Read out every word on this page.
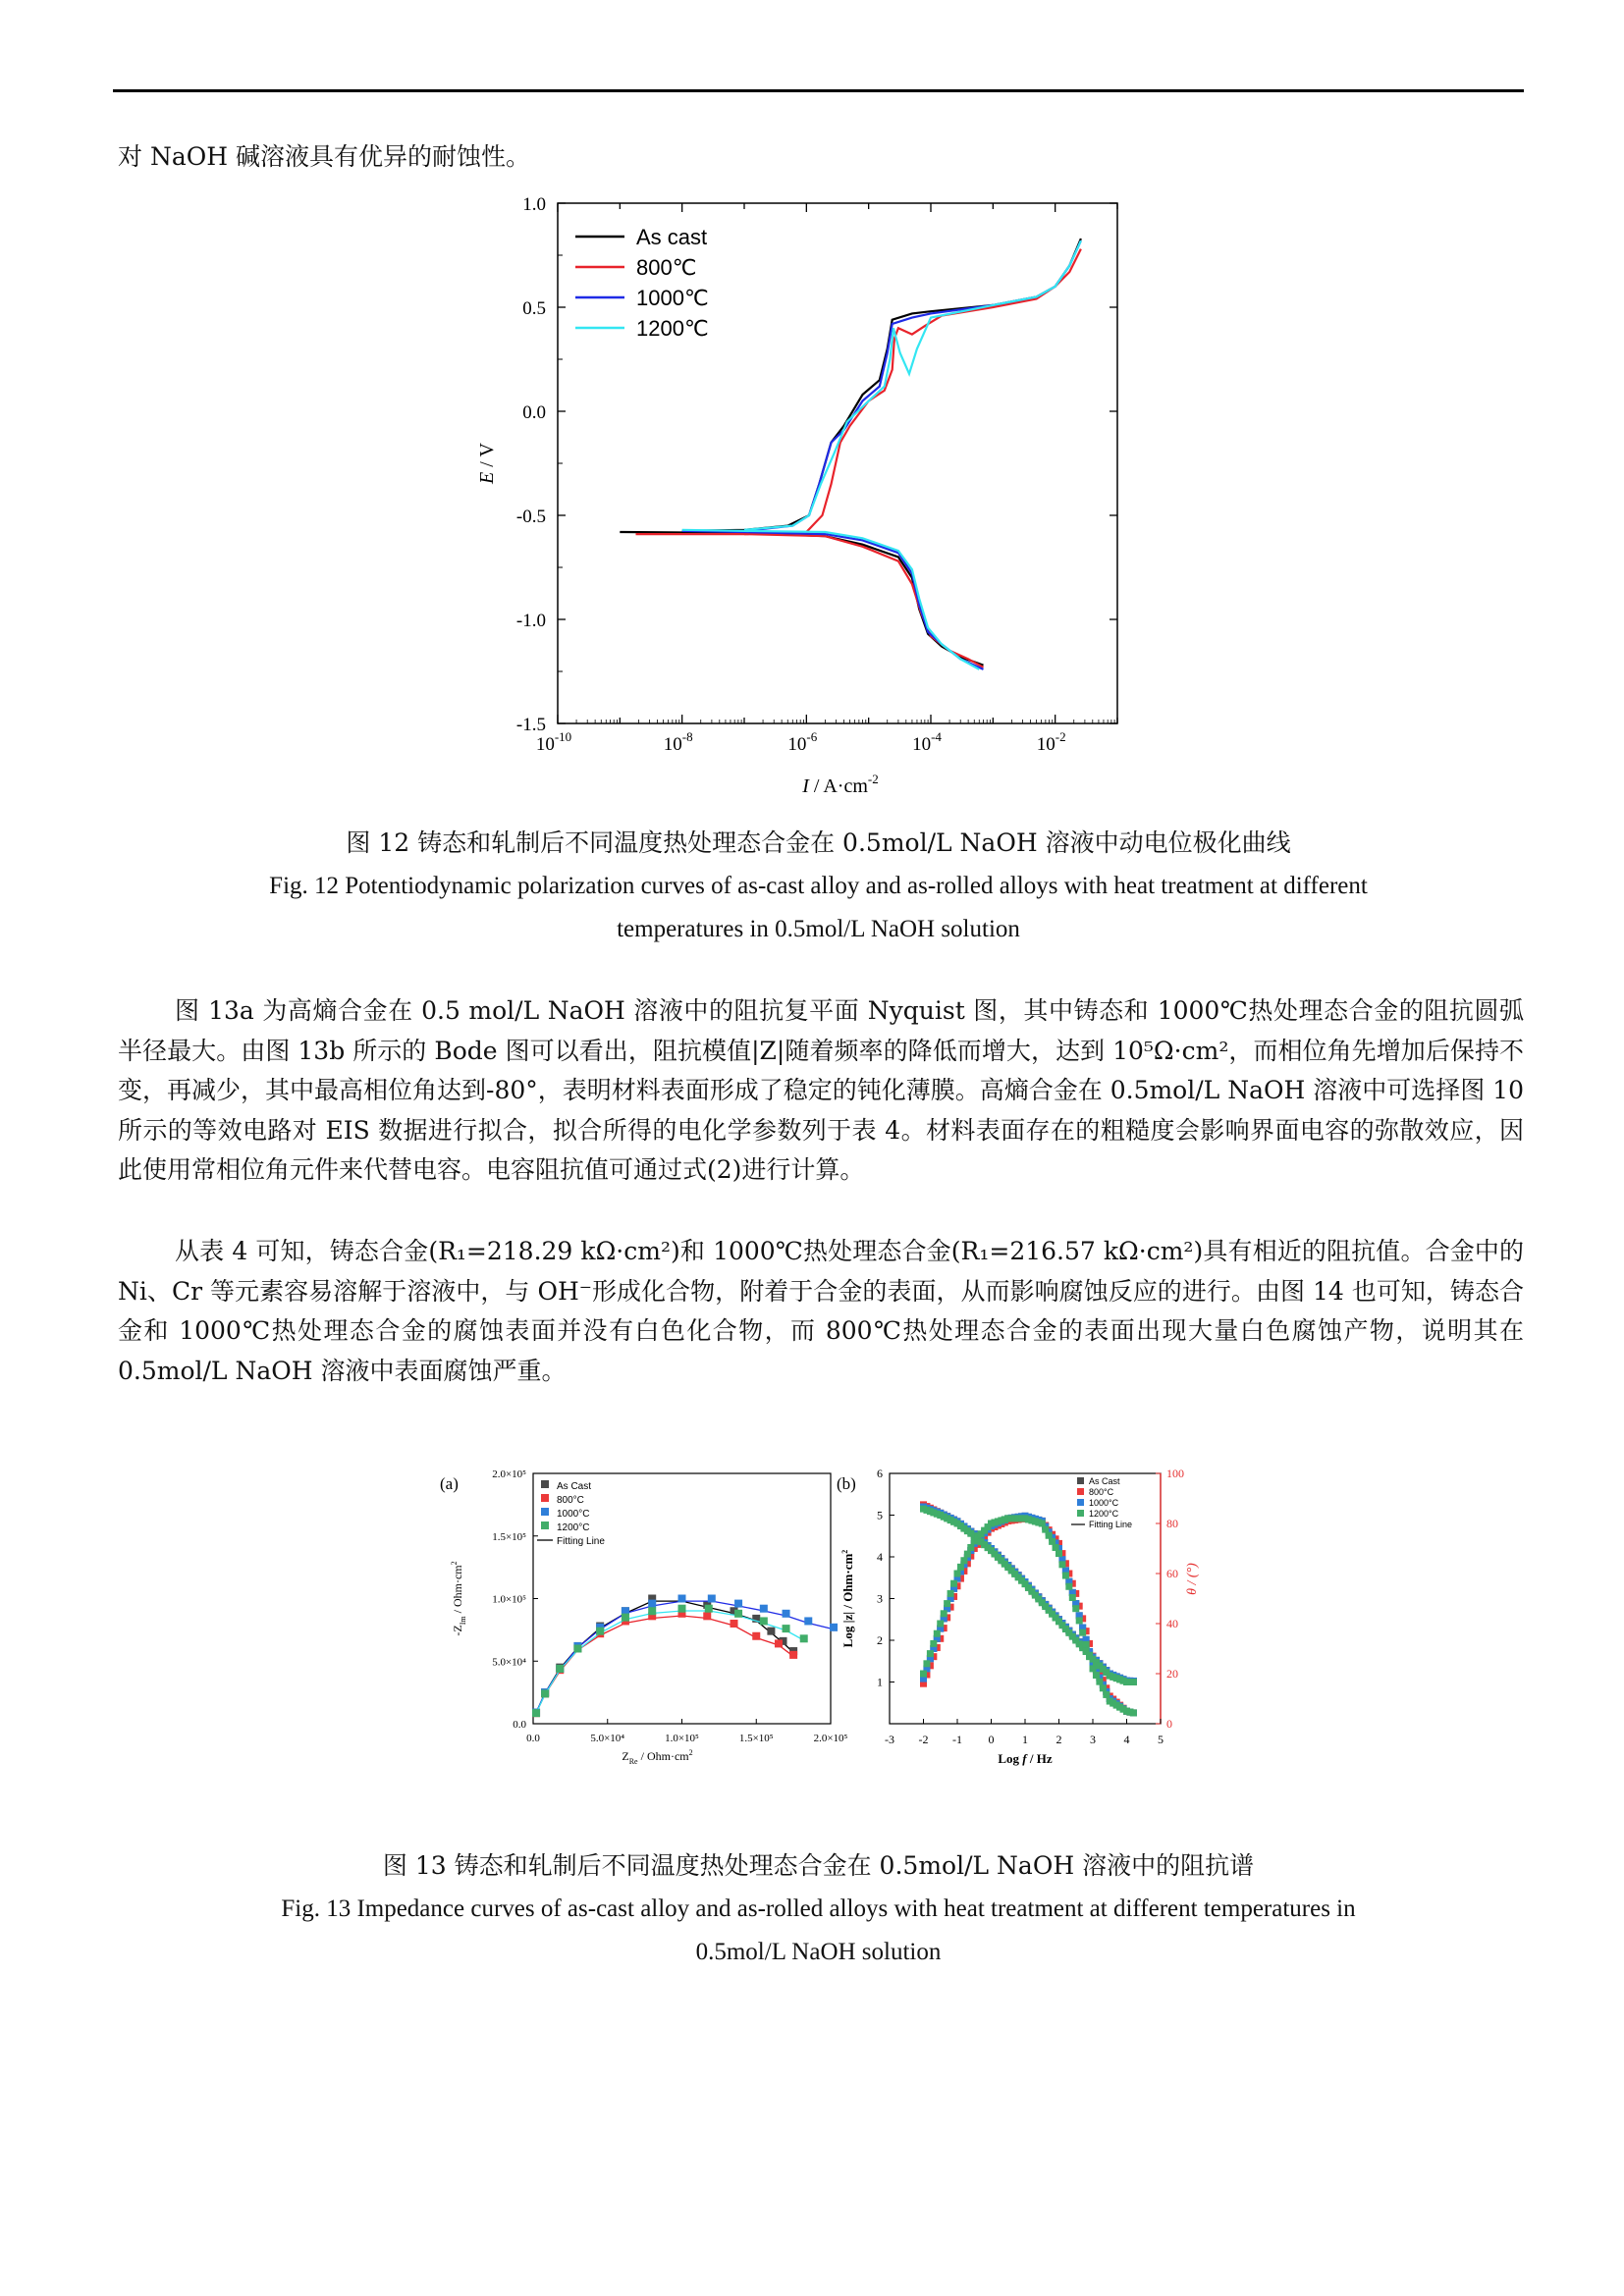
对 NaOH 碱溶液具有优异的耐蚀性。
1.0
0.5
0.0
-0.5
-1.0
-1.5
$10^{-10}$	$10^{-8}$	$10^{-6}$	$10^{-4}$	$10^{-2}$
$I / A\cdot cm^{-2}$
E / V
As cast
800℃
1000℃
1200℃
图 12 铸态和轧制后不同温度热处理态合金在 0.5mol/L NaOH 溶液中动电位极化曲线
Fig. 12 Potentiodynamic polarization curves of as-cast alloy and as-rolled alloys with heat treatment at different
temperatures in 0.5mol/L NaOH solution
图 13a 为高熵合金在 0.5 mol/L NaOH 溶液中的阻抗复平面 Nyquist 图，其中铸态和 1000℃热处理态合金的阻抗圆弧半径最大。由图 13b 所示的 Bode 图可以看出，阻抗模值|Z|随着频率的降低而增大，达到 10⁵Ω·cm²，而相位角先增加后保持不变，再减少，其中最高相位角达到-80°，表明材料表面形成了稳定的钝化薄膜。高熵合金在 0.5mol/L NaOH 溶液中可选择图 10 所示的等效电路对 EIS 数据进行拟合，拟合所得的电化学参数列于表 4。材料表面存在的粗糙度会影响界面电容的弥散效应，因此使用常相位角元件来代替电容。电容阻抗值可通过式(2)进行计算。
从表 4 可知，铸态合金(R₁=218.29 kΩ·cm²)和 1000℃热处理态合金(R₁=216.57 kΩ·cm²)具有相近的阻抗值。合金中的 Ni、Cr 等元素容易溶解于溶液中，与 OH⁻形成化合物，附着于合金的表面，从而影响腐蚀反应的进行。由图 14 也可知，铸态合金和 1000℃热处理态合金的腐蚀表面并没有白色化合物，而 800℃热处理态合金的表面出现大量白色腐蚀产物，说明其在 0.5mol/L NaOH 溶液中表面腐蚀严重。
(a)
0.0
5.0×10⁴
1.0×10⁵
1.5×10⁵
2.0×10⁵
0.0	5.0×10⁴	1.0×10⁵	1.5×10⁵	2.0×10⁵
$Z_{Re} / Ohm\cdot cm^2$
$-Z_{Im} / Ohm\cdot cm^2$
As Cast
800°C
1000°C
1200°C
Fitting Line
(b)
1
2
3
4
5
6
0
20
40
60
80
100
-3 -2 -1 0 1 2 3 4 5
Log f / Hz
Log $|z| / Ohm\cdot cm^2$
θ / (°)
As Cast
800°C
1000°C
1200°C
Fitting Line
图 13 铸态和轧制后不同温度热处理态合金在 0.5mol/L NaOH 溶液中的阻抗谱
Fig. 13 Impedance curves of as-cast alloy and as-rolled alloys with heat treatment at different temperatures in
0.5mol/L NaOH solution
